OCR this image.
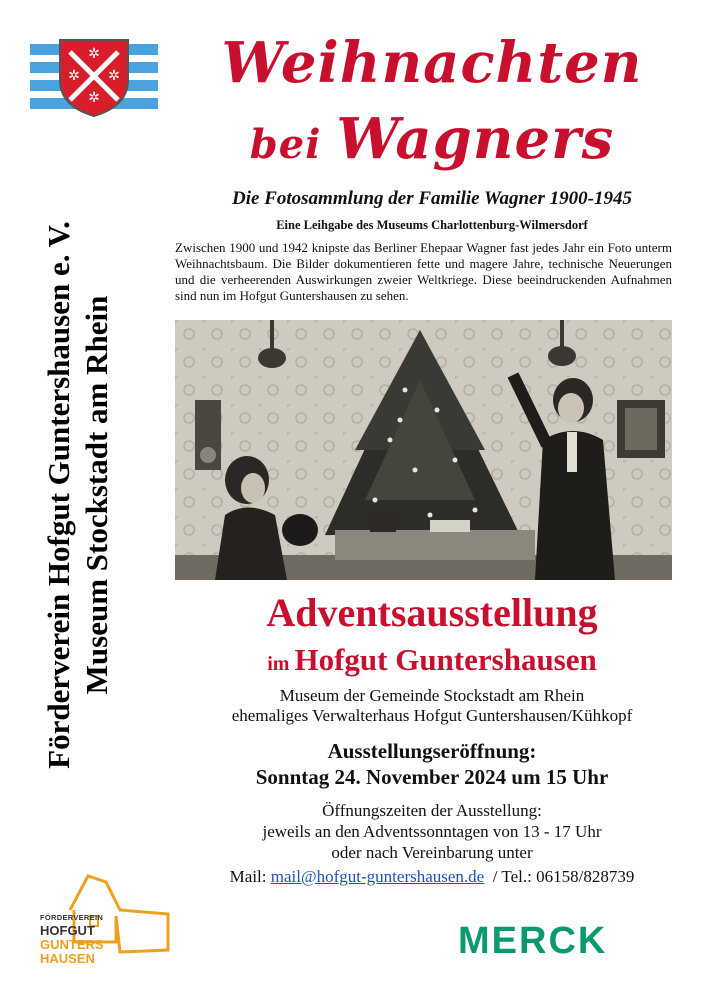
✲
✲ ✲
✲
Förderverein Hofgut Guntershausen e. V. Museum Stockstadt am Rhein
Weihnachten
bei Wagners
Die Fotosammlung der Familie Wagner 1900-1945
Eine Leihgabe des Museums Charlottenburg-Wilmersdorf
Zwischen 1900 und 1942 knipste das Berliner Ehepaar Wagner fast jedes Jahr ein Foto unterm Weihnachtsbaum. Die Bilder dokumentieren fette und magere Jahre, technische Neuerungen und die verheerenden Auswirkungen zweier Weltkriege. Diese beeindruckenden Aufnahmen sind nun im Hofgut Guntershausen zu sehen.
Adventsausstellung
im Hofgut Guntershausen
Museum der Gemeinde Stockstadt am Rhein
ehemaliges Verwalterhaus Hofgut Guntershausen/Kühkopf
Ausstellungseröffnung:
Sonntag 24. November 2024 um 15 Uhr
Öffnungszeiten der Ausstellung:
jeweils an den Adventssonntagen von 13 - 17 Uhr
oder nach Vereinbarung unter
Mail: mail@hofgut-guntershausen.de  / Tel.: 06158/828739
FÖRDERVEREIN
HOFGUT
GUNTERS
HAUSEN	MERCK
